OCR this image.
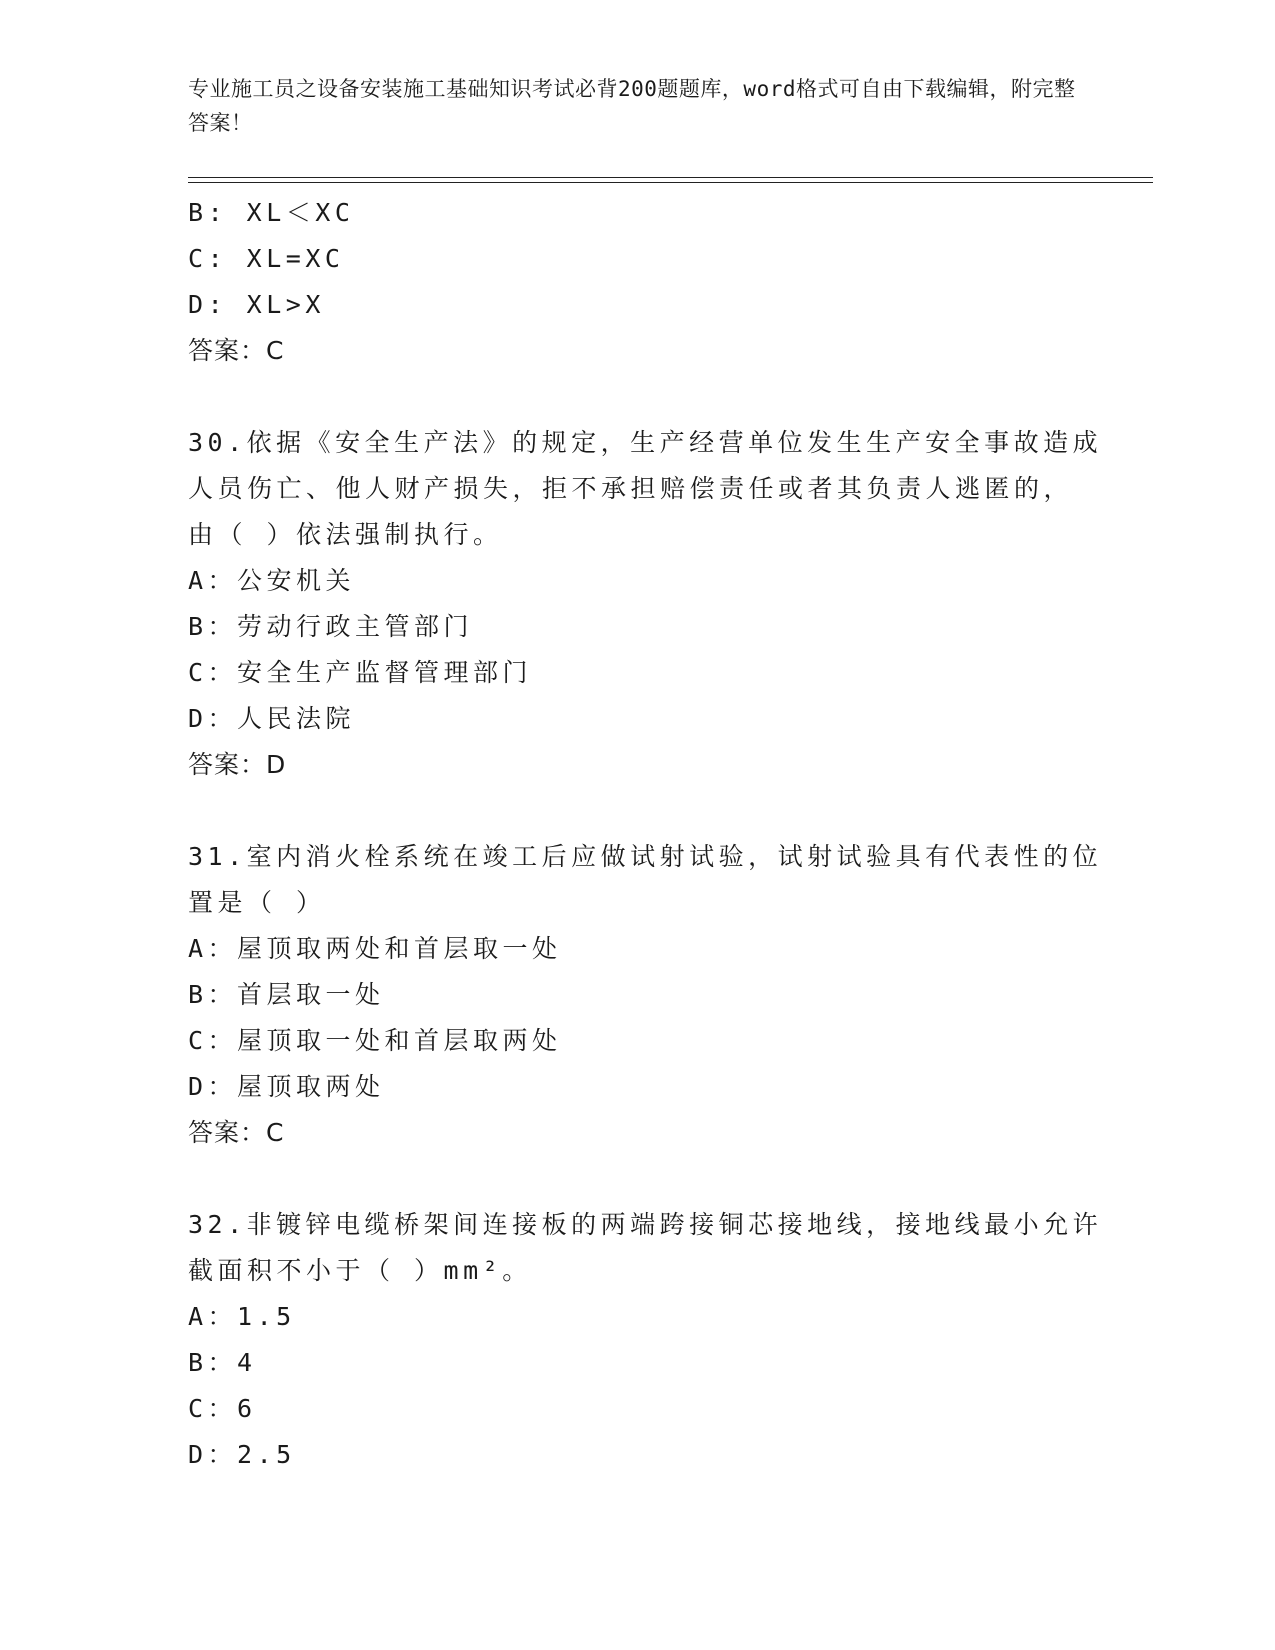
专业施工员之设备安装施工基础知识考试必背200题题库，word格式可自由下载编辑，附完整答案！
B: XL＜XC
C: XL=XC
D: XL>X
答案：C
30.依据《安全生产法》的规定，生产经营单位发生生产安全事故造成
人员伤亡、他人财产损失，拒不承担赔偿责任或者其负责人逃匿的，
由（ ）依法强制执行。
A：公安机关
B：劳动行政主管部门
C：安全生产监督管理部门
D：人民法院
答案：D
31.室内消火栓系统在竣工后应做试射试验，试射试验具有代表性的位
置是（ ）
A：屋顶取两处和首层取一处
B：首层取一处
C：屋顶取一处和首层取两处
D：屋顶取两处
答案：C
32.非镀锌电缆桥架间连接板的两端跨接铜芯接地线，接地线最小允许
截面积不小于（ ）mm²。
A：1.5
B：4
C：6
D：2.5
